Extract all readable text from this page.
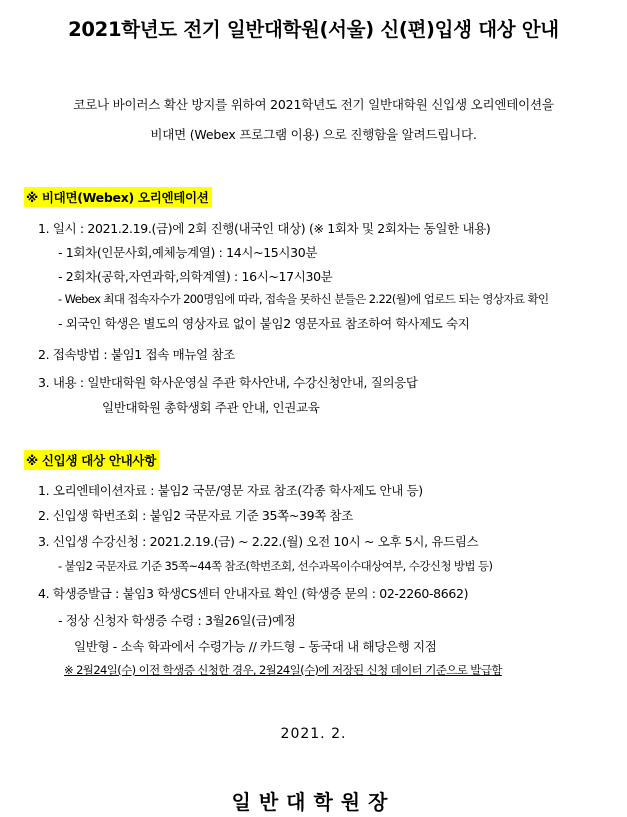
2021학년도 전기 일반대학원(서울) 신(편)입생 대상 안내
코로나 바이러스 확산 방지를 위하여 2021학년도 전기 일반대학원 신입생 오리엔테이션을
비대면 (Webex 프로그램 이용) 으로 진행함을 알려드립니다.
※ 비대면(Webex) 오리엔테이션
1. 일시 : 2021.2.19.(금)에 2회 진행(내국인 대상) (※ 1회차 및 2회차는 동일한 내용)
- 1회차(인문사회,예체능계열) : 14시~15시30분
- 2회차(공학,자연과학,의학계열) : 16시~17시30분
- Webex 최대 접속자수가 200명임에 따라, 접속을 못하신 분들은 2.22(월)에 업로드 되는 영상자료 확인
- 외국인 학생은 별도의 영상자료 없이 붙임2 영문자료 참조하여 학사제도 숙지
2. 접속방법 : 붙임1 접속 매뉴얼 참조
3. 내용 : 일반대학원 학사운영실 주관 학사안내, 수강신청안내, 질의응답
일반대학원 총학생회 주관 안내, 인권교육
※ 신입생 대상 안내사항
1. 오리엔테이션자료 : 붙임2 국문/영문 자료 참조(각종 학사제도 안내 등)
2. 신입생 학번조회 : 붙임2 국문자료 기준 35쪽~39쪽 참조
3. 신입생 수강신청 : 2021.2.19.(금) ~ 2.22.(월) 오전 10시 ~ 오후 5시, 유드림스
- 붙임2 국문자료 기준 35쪽~44쪽 참조(학번조회, 선수과목이수대상여부, 수강신청 방법 등)
4. 학생증발급 : 붙임3 학생CS센터 안내자료 확인 (학생증 문의 : 02-2260-8662)
- 정상 신청자 학생증 수령 : 3월26일(금)예정
일반형 - 소속 학과에서 수령가능 // 카드형 – 동국대 내 해당은행 지점
※ 2월24일(수) 이전 학생증 신청한 경우, 2월24일(수)에 저장된 신청 데이터 기준으로 발급함
2021. 2.
일반대학원장
